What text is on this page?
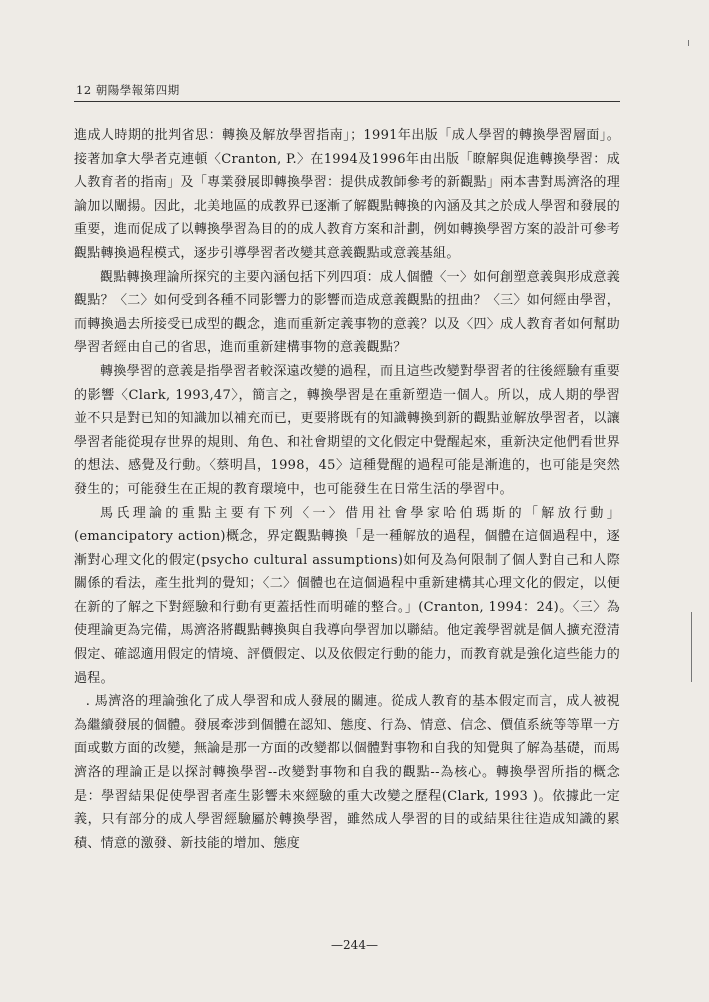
12 朝陽學報第四期

進成人時期的批判省思：轉換及解放學習指南」；1991年出版「成人學習的轉換學習層面」。接著加拿大學者克連頓〈Cranton, P.〉在1994及1996年由出版「瞭解與促進轉換學習：成人教育者的指南」及「專業發展即轉換學習：提供成教師參考的新觀點」兩本書對馬濟洛的理論加以闡揚。因此，北美地區的成教界已逐漸了解觀點轉換的內涵及其之於成人學習和發展的重要，進而促成了以轉換學習為目的的成人教育方案和計劃，例如轉換學習方案的設計可參考觀點轉換過程模式，逐步引導學習者改變其意義觀點或意義基組。

觀點轉換理論所探究的主要內涵包括下列四項：成人個體〈一〉如何創塑意義與形成意義觀點？〈二〉如何受到各種不同影響力的影響而造成意義觀點的扭曲？〈三〉如何經由學習，而轉換過去所接受已成型的觀念，進而重新定義事物的意義？以及〈四〉成人教育者如何幫助學習者經由自己的省思，進而重新建構事物的意義觀點？

轉換學習的意義是指學習者較深遠改變的過程，而且這些改變對學習者的往後經驗有重要的影響〈Clark, 1993,47〉，簡言之，轉換學習是在重新塑造一個人。所以，成人期的學習並不只是對已知的知識加以補充而已，更要將既有的知識轉換到新的觀點並解放學習者，以讓學習者能從現存世界的規則、角色、和社會期望的文化假定中覺醒起來，重新決定他們看世界的想法、感覺及行動。〈蔡明昌，1998，45〉這種覺醒的過程可能是漸進的，也可能是突然發生的；可能發生在正規的教育環境中，也可能發生在日常生活的學習中。

馬氏理論的重點主要有下列〈一〉借用社會學家哈伯瑪斯的「解放行動」(emancipatory action)概念，界定觀點轉換「是一種解放的過程，個體在這個過程中，逐漸對心理文化的假定(psycho cultural assumptions)如何及為何限制了個人對自己和人際關係的看法，產生批判的覺知；〈二〉個體也在這個過程中重新建構其心理文化的假定，以便在新的了解之下對經驗和行動有更蓋括性而明確的整合。」(Cranton, 1994：24)。〈三〉為使理論更為完備，馬濟洛將觀點轉換與自我導向學習加以聯結。他定義學習就是個人擴充澄清假定、確認適用假定的情境、評價假定、以及依假定行動的能力，而教育就是強化這些能力的過程。

. 馬濟洛的理論強化了成人學習和成人發展的關連。從成人教育的基本假定而言，成人被視為繼續發展的個體。發展牽涉到個體在認知、態度、行為、情意、信念、價值系統等等單一方面或數方面的改變，無論是那一方面的改變都以個體對事物和自我的知覺與了解為基礎，而馬濟洛的理論正是以探討轉換學習--改變對事物和自我的觀點--為核心。轉換學習所指的概念是：學習結果促使學習者產生影響未來經驗的重大改變之歷程(Clark, 1993 )。依據此一定義，只有部分的成人學習經驗屬於轉換學習，雖然成人學習的目的或結果往往造成知識的累積、情意的激發、新技能的增加、態度

—244—
